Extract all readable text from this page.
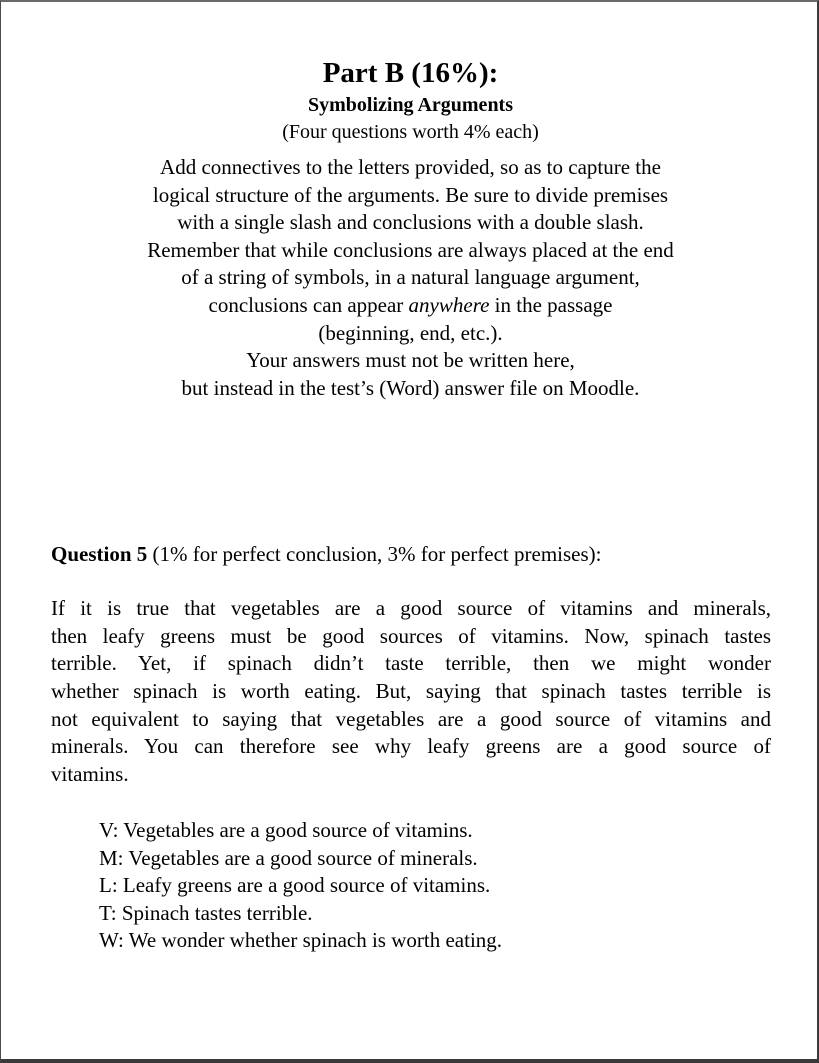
Part B (16%):
Symbolizing Arguments
(Four questions worth 4% each)
Add connectives to the letters provided, so as to capture the
logical structure of the arguments. Be sure to divide premises
with a single slash and conclusions with a double slash.
Remember that while conclusions are always placed at the end
of a string of symbols, in a natural language argument,
conclusions can appear anywhere in the passage
(beginning, end, etc.).
Your answers must not be written here,
but instead in the test’s (Word) answer file on Moodle.
Question 5 (1% for perfect conclusion, 3% for perfect premises):
If it is true that vegetables are a good source of vitamins and minerals,
then leafy greens must be good sources of vitamins. Now, spinach tastes
terrible. Yet, if spinach didn’t taste terrible, then we might wonder
whether spinach is worth eating. But, saying that spinach tastes terrible is
not equivalent to saying that vegetables are a good source of vitamins and
minerals. You can therefore see why leafy greens are a good source of
vitamins.
V: Vegetables are a good source of vitamins.
M: Vegetables are a good source of minerals.
L: Leafy greens are a good source of vitamins.
T: Spinach tastes terrible.
W: We wonder whether spinach is worth eating.
